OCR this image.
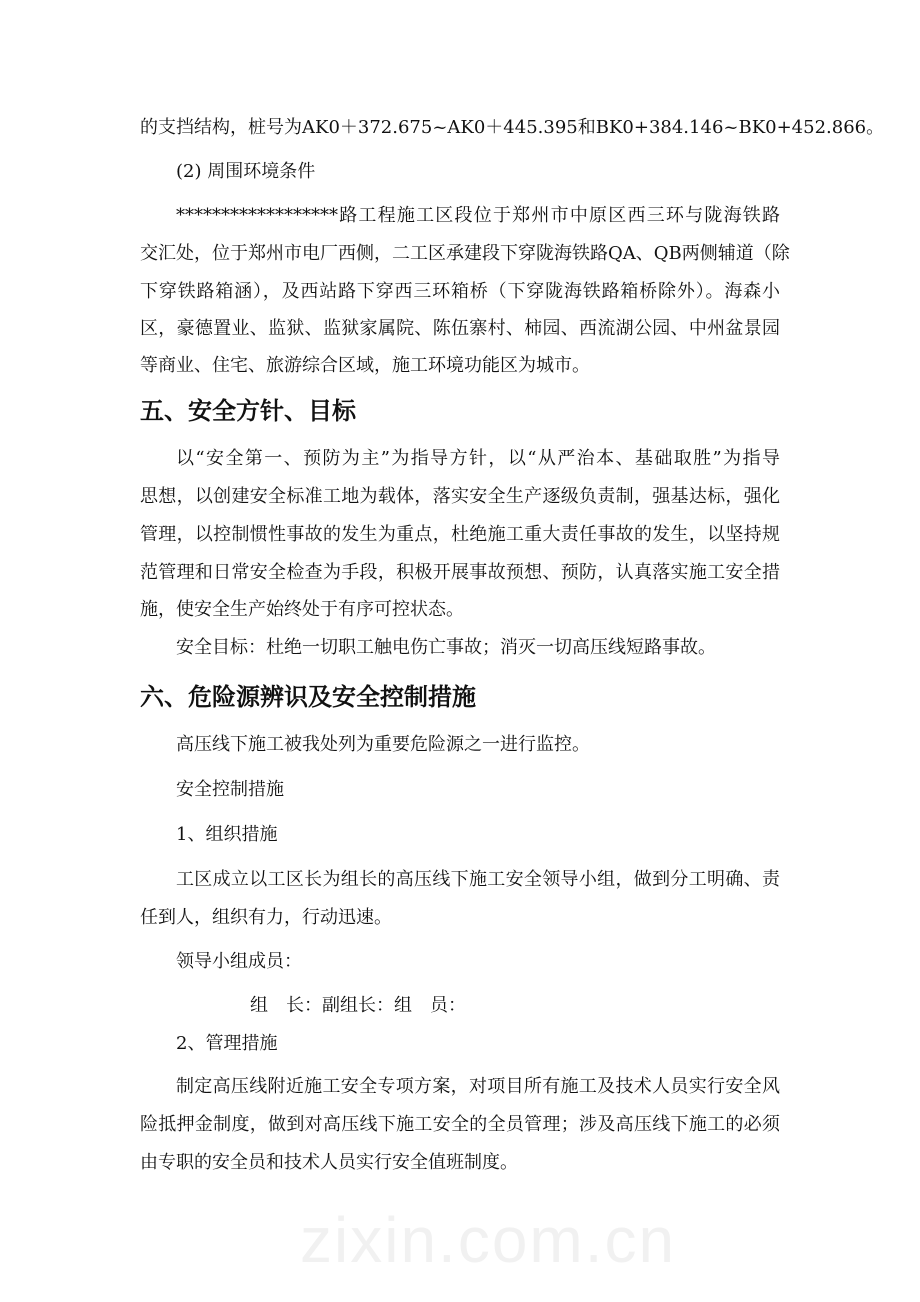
的支挡结构，桩号为AK0＋372.675~AK0＋445.395和BK0+384.146~BK0+452.866。
(2) 周围环境条件
******************路工程施工区段位于郑州市中原区西三环与陇海铁路
交汇处，位于郑州市电厂西侧，二工区承建段下穿陇海铁路QA、QB两侧辅道（除
下穿铁路箱涵），及西站路下穿西三环箱桥（下穿陇海铁路箱桥除外）。海森小
区，豪德置业、监狱、监狱家属院、陈伍寨村、柿园、西流湖公园、中州盆景园
等商业、住宅、旅游综合区域，施工环境功能区为城市。
五、安全方针、目标
以“安全第一、预防为主”为指导方针，以“从严治本、基础取胜”为指导
思想，以创建安全标准工地为载体，落实安全生产逐级负责制，强基达标，强化
管理，以控制惯性事故的发生为重点，杜绝施工重大责任事故的发生，以坚持规
范管理和日常安全检查为手段，积极开展事故预想、预防，认真落实施工安全措
施，使安全生产始终处于有序可控状态。
安全目标：杜绝一切职工触电伤亡事故；消灭一切高压线短路事故。
六、危险源辨识及安全控制措施
高压线下施工被我处列为重要危险源之一进行监控。
安全控制措施
1、组织措施
工区成立以工区长为组长的高压线下施工安全领导小组，做到分工明确、责
任到人，组织有力，行动迅速。
领导小组成员：
组　长：副组长：组　员：
2、管理措施
制定高压线附近施工安全专项方案，对项目所有施工及技术人员实行安全风
险抵押金制度，做到对高压线下施工安全的全员管理；涉及高压线下施工的必须
由专职的安全员和技术人员实行安全值班制度。
zixin.com.cn
